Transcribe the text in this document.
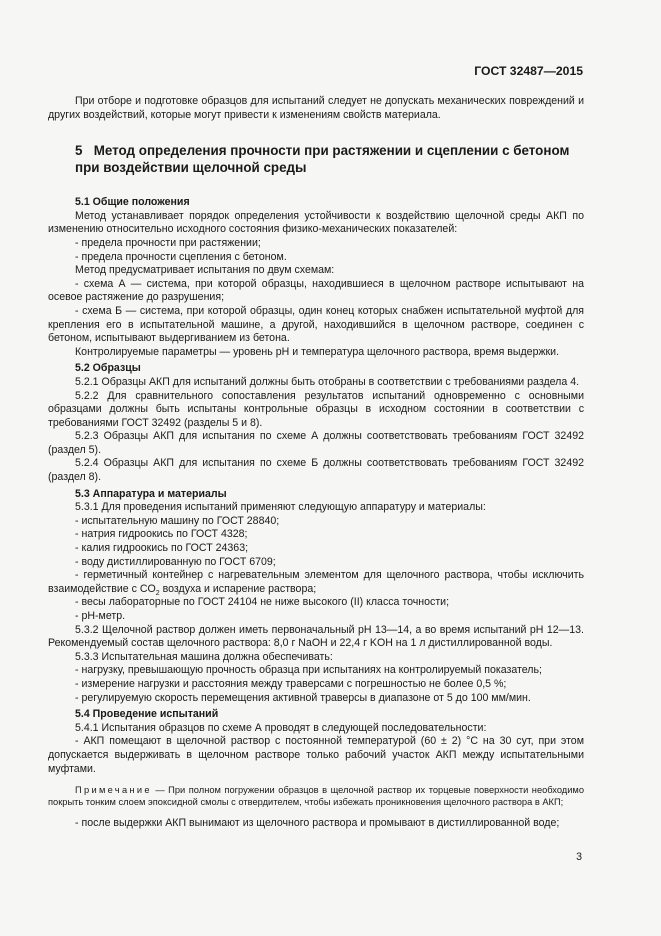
ГОСТ 32487—2015

При отборе и подготовке образцов для испытаний следует не допускать механических повреждений и других воздействий, которые могут привести к изменениям свойств материала.

5 Метод определения прочности при растяжении и сцеплении с бетоном
при воздействии щелочной среды

5.1 Общие положения

Метод устанавливает порядок определения устойчивости к воздействию щелочной среды АКП по изменению относительно исходного состояния физико-механических показателей:

- предела прочности при растяжении;

- предела прочности сцепления с бетоном.

Метод предусматривает испытания по двум схемам:

- схема А — система, при которой образцы, находившиеся в щелочном растворе испытывают на осевое растяжение до разрушения;

- схема Б — система, при которой образцы, один конец которых снабжен испытательной муфтой для крепления его в испытательной машине, а другой, находившийся в щелочном растворе, соединен с бетоном, испытывают выдергиванием из бетона.

Контролируемые параметры — уровень pH и температура щелочного раствора, время выдержки.

5.2 Образцы

5.2.1 Образцы АКП для испытаний должны быть отобраны в соответствии с требованиями раздела 4.

5.2.2 Для сравнительного сопоставления результатов испытаний одновременно с основными образцами должны быть испытаны контрольные образцы в исходном состоянии в соответствии с требованиями ГОСТ 32492 (разделы 5 и 8).

5.2.3 Образцы АКП для испытания по схеме А должны соответствовать требованиям ГОСТ 32492 (раздел 5).

5.2.4 Образцы АКП для испытания по схеме Б должны соответствовать требованиям ГОСТ 32492 (раздел 8).

5.3 Аппаратура и материалы

5.3.1 Для проведения испытаний применяют следующую аппаратуру и материалы:

- испытательную машину по ГОСТ 28840;

- натрия гидроокись по ГОСТ 4328;

- калия гидроокись по ГОСТ 24363;

- воду дистиллированную по ГОСТ 6709;

- герметичный контейнер с нагревательным элементом для щелочного раствора, чтобы исключить взаимодействие с $CO_2$ воздуха и испарение раствора;

- весы лабораторные по ГОСТ 24104 не ниже высокого (II) класса точности;

- pH-метр.

5.3.2 Щелочной раствор должен иметь первоначальный pH 13—14, а во время испытаний pH 12—13. Рекомендуемый состав щелочного раствора: 8,0 г NaOH и 22,4 г KOH на 1 л дистиллированной воды.

5.3.3 Испытательная машина должна обеспечивать:

- нагрузку, превышающую прочность образца при испытаниях на контролируемый показатель;

- измерение нагрузки и расстояния между траверсами с погрешностью не более 0,5 %;

- регулируемую скорость перемещения активной траверсы в диапазоне от 5 до 100 мм/мин.

5.4 Проведение испытаний

5.4.1 Испытания образцов по схеме А проводят в следующей последовательности:

- АКП помещают в щелочной раствор с постоянной температурой (60 ± 2) °С на 30 сут, при этом допускается выдерживать в щелочном растворе только рабочий участок АКП между испытательными муфтами.

Примечание — При полном погружении образцов в щелочной раствор их торцевые поверхности необходимо покрыть тонким слоем эпоксидной смолы с отвердителем, чтобы избежать проникновения щелочного раствора в АКП;

- после выдержки АКП вынимают из щелочного раствора и промывают в дистиллированной воде;

3
